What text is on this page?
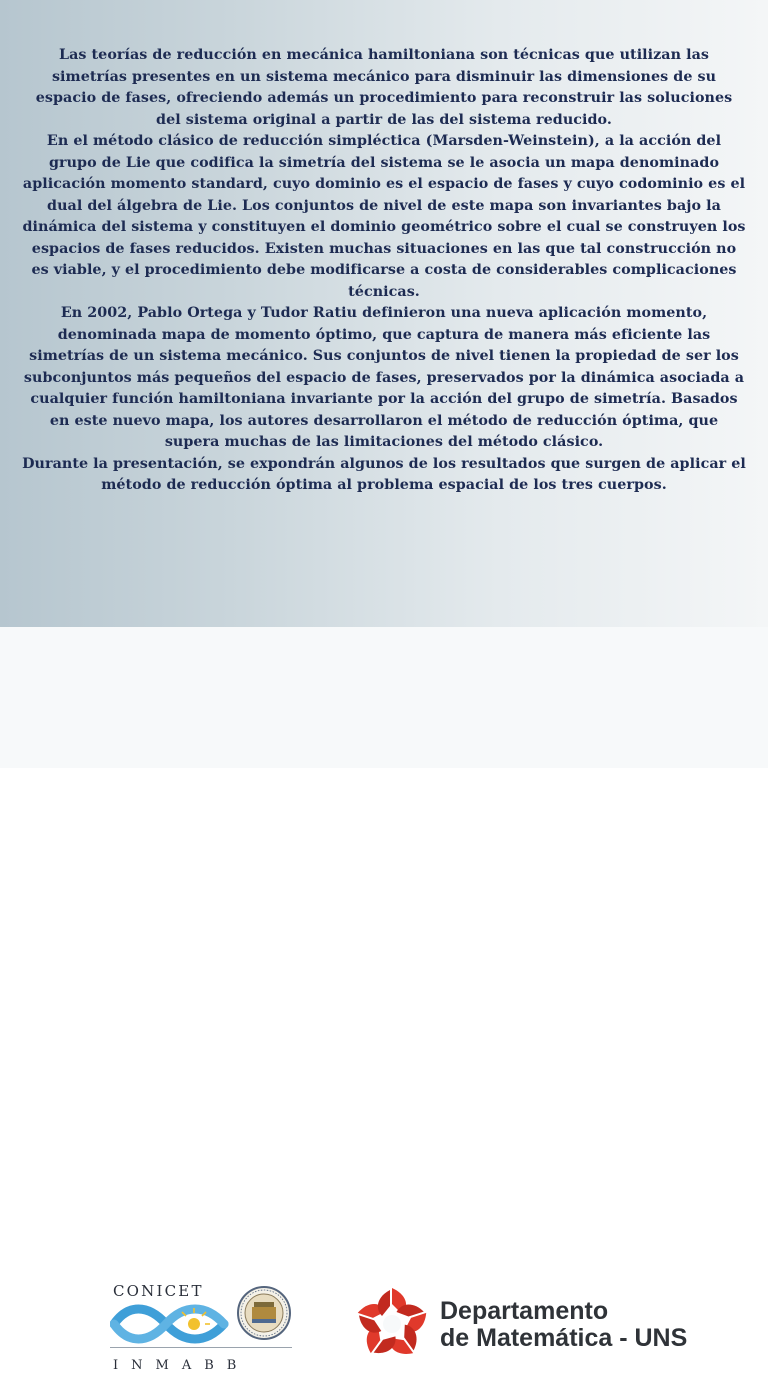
Las teorías de reducción en mecánica hamiltoniana son técnicas que utilizan las simetrías presentes en un sistema mecánico para disminuir las dimensiones de su espacio de fases, ofreciendo además un procedimiento para reconstruir las soluciones del sistema original a partir de las del sistema reducido.

En el método clásico de reducción simpléctica (Marsden-Weinstein), a la acción del grupo de Lie que codifica la simetría del sistema se le asocia un mapa denominado aplicación momento standard, cuyo dominio es el espacio de fases y cuyo codominio es el dual del álgebra de Lie. Los conjuntos de nivel de este mapa son invariantes bajo la dinámica del sistema y constituyen el dominio geométrico sobre el cual se construyen los espacios de fases reducidos. Existen muchas situaciones en las que tal construcción no es viable, y el procedimiento debe modificarse a costa de considerables complicaciones técnicas.

En 2002, Pablo Ortega y Tudor Ratiu definieron una nueva aplicación momento, denominada mapa de momento óptimo, que captura de manera más eficiente las simetrías de un sistema mecánico. Sus conjuntos de nivel tienen la propiedad de ser los subconjuntos más pequeños del espacio de fases, preservados por la dinámica asociada a cualquier función hamiltoniana invariante por la acción del grupo de simetría. Basados en este nuevo mapa, los autores desarrollaron el método de reducción óptima, que supera muchas de las limitaciones del método clásico.

Durante la presentación, se expondrán algunos de los resultados que surgen de aplicar el método de reducción óptima al problema espacial de los tres cuerpos.

CONICET
INMABB
Departamento
de Matemática - UNS
